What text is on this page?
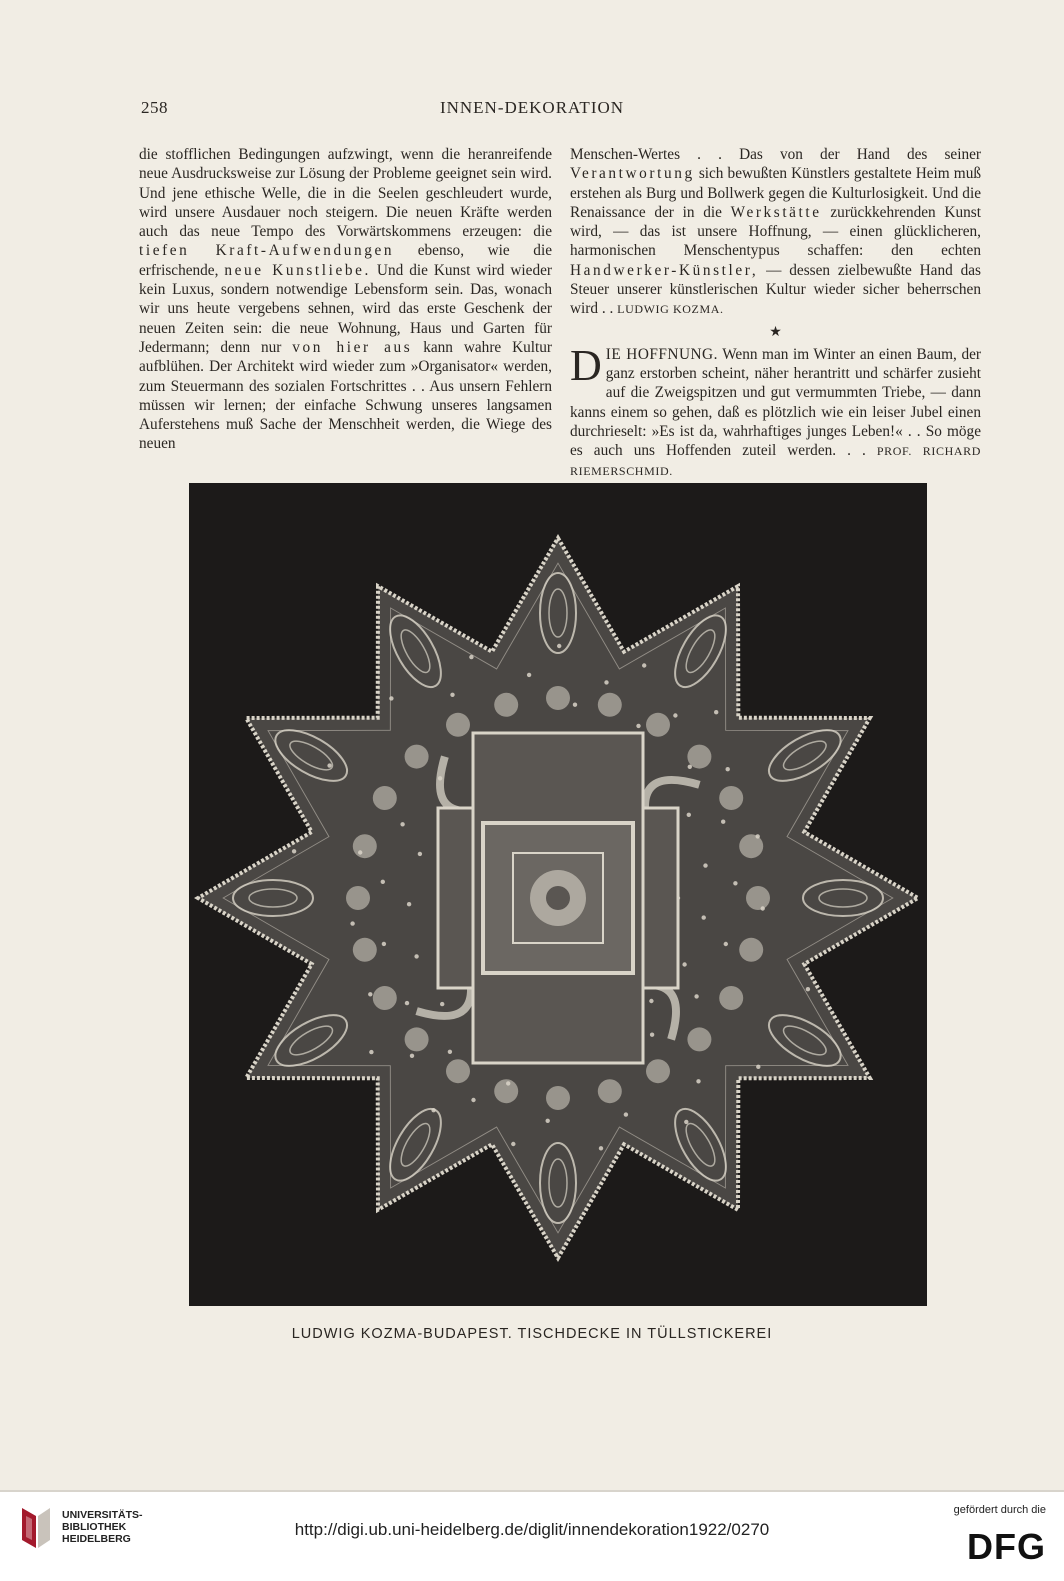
INNEN-DEKORATION
258

die stofflichen Bedingungen aufzwingt, wenn die heranreifende neue Ausdrucksweise zur Lösung der Probleme geeignet sein wird. Und jene ethische Welle, die in die Seelen geschleudert wurde, wird unsere Ausdauer noch steigern. Die neuen Kräfte werden auch das neue Tempo des Vorwärtskommens erzeugen: die tiefen Kraft-Aufwendungen ebenso, wie die erfrischende, neue Kunstliebe. Und die Kunst wird wieder kein Luxus, sondern notwendige Lebensform sein. Das, wonach wir uns heute vergebens sehnen, wird das erste Geschenk der neuen Zeiten sein: die neue Wohnung, Haus und Garten für Jedermann; denn nur von hier aus kann wahre Kultur aufblühen. Der Architekt wird wieder zum »Organisator« werden, zum Steuermann des sozialen Fortschrittes . . Aus unsern Fehlern müssen wir lernen; der einfache Schwung unseres langsamen Auferstehens muß Sache der Menschheit werden, die Wiege des neuen

Menschen-Wertes . . Das von der Hand des seiner Verantwortung sich bewußten Künstlers gestaltete Heim muß erstehen als Burg und Bollwerk gegen die Kulturlosigkeit. Und die Renaissance der in die Werkstätte zurückkehrenden Kunst wird, — das ist unsere Hoffnung, — einen glücklicheren, harmonischen Menschentypus schaffen: den echten Handwerker-Künstler, — dessen zielbewußte Hand das Steuer unserer künstlerischen Kultur wieder sicher beherrschen wird . . LUDWIG KOZMA.

★

DIE HOFFNUNG. Wenn man im Winter an einen Baum, der ganz erstorben scheint, näher herantritt und schärfer zusieht auf die Zweigspitzen und gut vermummten Triebe, — dann kanns einem so gehen, daß es plötzlich wie ein leiser Jubel einen durchrieselt: »Es ist da, wahrhaftiges junges Leben!« . . So möge es auch uns Hoffenden zuteil werden. . . PROF. RICHARD RIEMERSCHMID.

LUDWIG KOZMA-BUDAPEST. TISCHDECKE IN TÜLLSTICKEREI
UNIVERSITÄTS-
BIBLIOTHEK
HEIDELBERG	http://digi.ub.uni-heidelberg.de/diglit/innendekoration1922/0270
gefördert durch die
DFG
